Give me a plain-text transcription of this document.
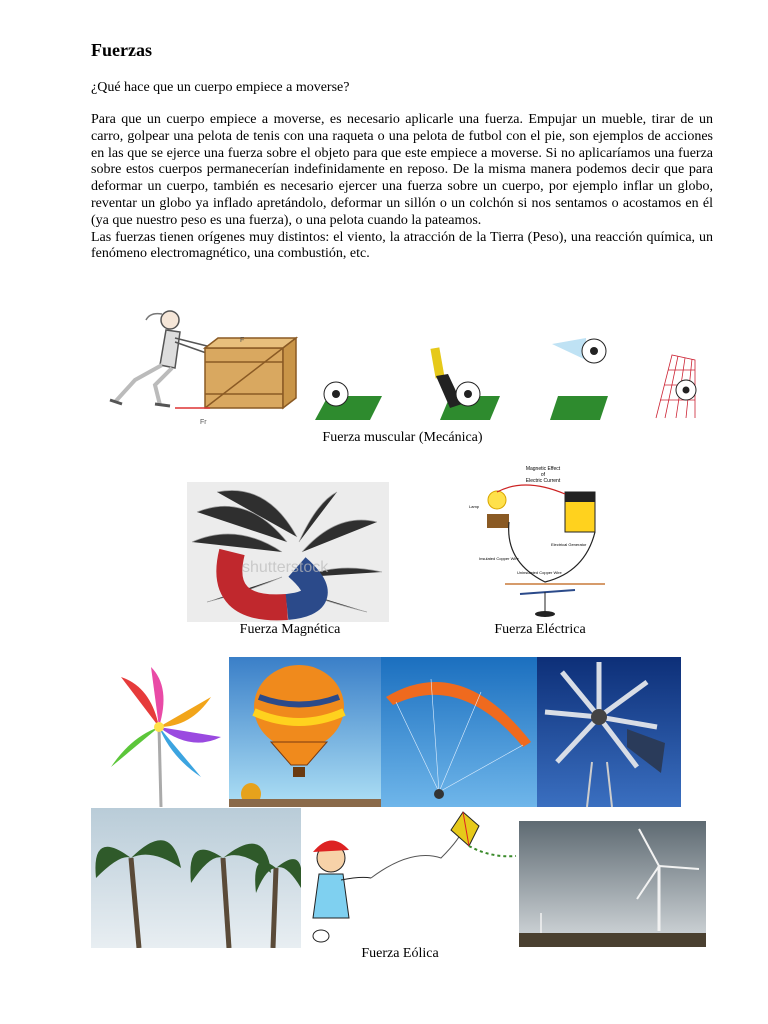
Fuerzas
¿Qué hace que un cuerpo empiece a moverse?

Para que un cuerpo empiece a moverse, es necesario aplicarle una fuerza. Empujar un mueble, tirar de un carro, golpear una pelota de tenis con una raqueta o una pelota de futbol con el pie, son ejemplos de acciones en las que se ejerce una fuerza sobre el objeto para que este empiece a moverse. Si no aplicaríamos una fuerza sobre estos cuerpos permanecerían indefinidamente en reposo. De la misma manera podemos decir que para deformar un cuerpo, también es necesario ejercer una fuerza sobre un cuerpo, por ejemplo inflar un globo, reventar un globo ya inflado apretándolo, deformar un sillón o un colchón si nos sentamos o acostamos en él (ya que nuestro peso es una fuerza), o una pelota cuando la pateamos.

Las fuerzas tienen orígenes muy distintos: el viento, la atracción de la Tierra (Peso), una reacción química, un fenómeno electromagnético, una combustión, etc.

F
Fr
Fuerza muscular (Mecánica)
shutterstock
Fuerza Magnética
Magnetic Effect
of
Electric Current
Lamp
Electrical Generator
Insulated Copper Wire
Uninsulated Copper Wire
Fuerza Eléctrica
Fuerza Eólica
